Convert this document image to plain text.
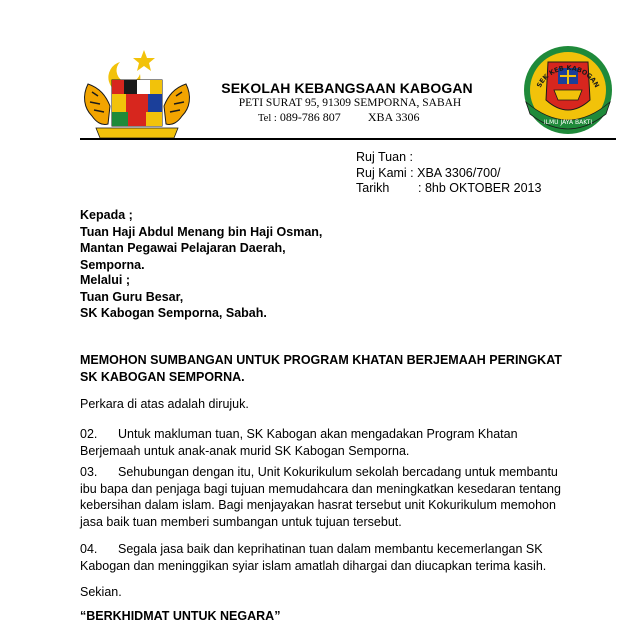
SEKOLAH KEBANGSAAN KABOGAN
PETI SURAT 95, 91309 SEMPORNA, SABAH
Tel : 089-786 807 XBA 3306	ILMU JAYA BAKTI
SEK KEB KABOGAN
Ruj Tuan :
Ruj Kami : XBA 3306/700/
Tarikh : 8hb OKTOBER 2013
Kepada ;
Tuan Haji Abdul Menang bin Haji Osman,
Mantan Pegawai Pelajaran Daerah,
Semporna.
Melalui ;
Tuan Guru Besar,
SK Kabogan Semporna, Sabah.
MEMOHON SUMBANGAN UNTUK PROGRAM KHATAN BERJEMAAH PERINGKAT
SK KABOGAN SEMPORNA.
Perkara di atas adalah dirujuk.
02. Untuk makluman tuan, SK Kabogan akan mengadakan Program Khatan
Berjemaah untuk anak-anak murid SK Kabogan Semporna.
03. Sehubungan dengan itu, Unit Kokurikulum sekolah bercadang untuk membantu
ibu bapa dan penjaga bagi tujuan memudahcara dan meningkatkan kesedaran tentang
kebersihan dalam islam. Bagi menjayakan hasrat tersebut unit Kokurikulum memohon
jasa baik tuan memberi sumbangan untuk tujuan tersebut.
04. Segala jasa baik dan keprihatinan tuan dalam membantu kecemerlangan SK
Kabogan dan meninggikan syiar islam amatlah dihargai dan diucapkan terima kasih.
Sekian.
“BERKHIDMAT UNTUK NEGARA”
